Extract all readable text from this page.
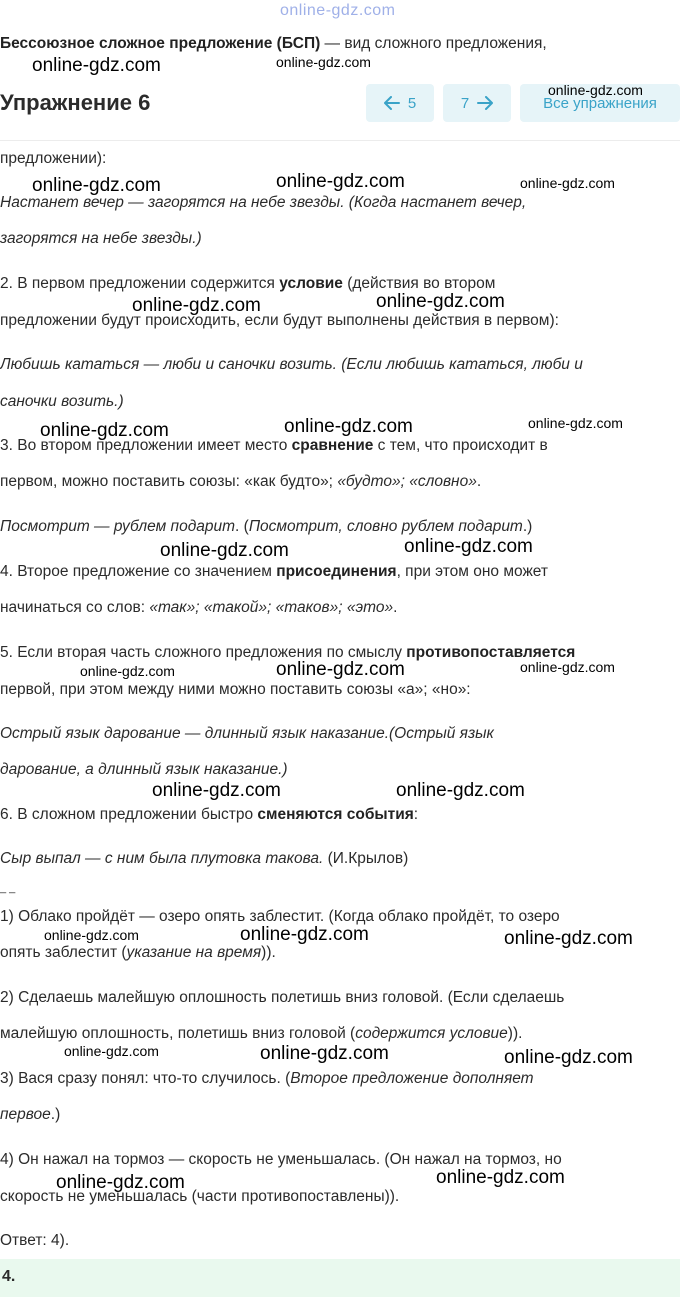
online-gdz.com
Бессоюзное сложное предложение (БСП) — вид сложного предложения,
Упражнение 6	5	7	Все упражнения
предложении):
Настанет вечер — загорятся на небе звезды. (Когда настанет вечер,
загорятся на небе звезды.)
2. В первом предложении содержится условие (действия во втором
предложении будут происходить, если будут выполнены действия в первом):
Любишь кататься — люби и саночки возить. (Если любишь кататься, люби и
саночки возить.)
3. Во втором предложении имеет место сравнение с тем, что происходит в
первом, можно поставить союзы: «как будто»; «будто»; «словно».
Посмотрит — рублем подарит. (Посмотрит, словно рублем подарит.)
4. Второе предложение со значением присоединения, при этом оно может
начинаться со слов: «так»; «такой»; «таков»; «это».
5. Если вторая часть сложного предложения по смыслу противопоставляется
первой, при этом между ними можно поставить союзы «а»; «но»:
Острый язык дарование — длинный язык наказание.(Острый язык
дарование, а длинный язык наказание.)
6. В сложном предложении быстро сменяются события:
Сыр выпал — с ним была плутовка такова. (И.Крылов)
_ _
1) Облако пройдёт — озеро опять заблестит. (Когда облако пройдёт, то озеро
опять заблестит (указание на время)).
2) Сделаешь малейшую оплошность полетишь вниз головой. (Если сделаешь
малейшую оплошность, полетишь вниз головой (содержится условие)).
3) Вася сразу понял: что-то случилось. (Второе предложение дополняет
первое.)
4) Он нажал на тормоз — скорость не уменьшалась. (Он нажал на тормоз, но
скорость не уменьшалась (части противопоставлены)).
Ответ: 4).
4.
online-gdz.com	online-gdz.com
online-gdz.com
online-gdz.com	online-gdz.com	online-gdz.com
online-gdz.com	online-gdz.com
online-gdz.com	online-gdz.com	online-gdz.com
online-gdz.com	online-gdz.com
online-gdz.com	online-gdz.com	online-gdz.com
online-gdz.com	online-gdz.com
online-gdz.com	online-gdz.com	online-gdz.com
online-gdz.com	online-gdz.com	online-gdz.com
online-gdz.com	online-gdz.com
